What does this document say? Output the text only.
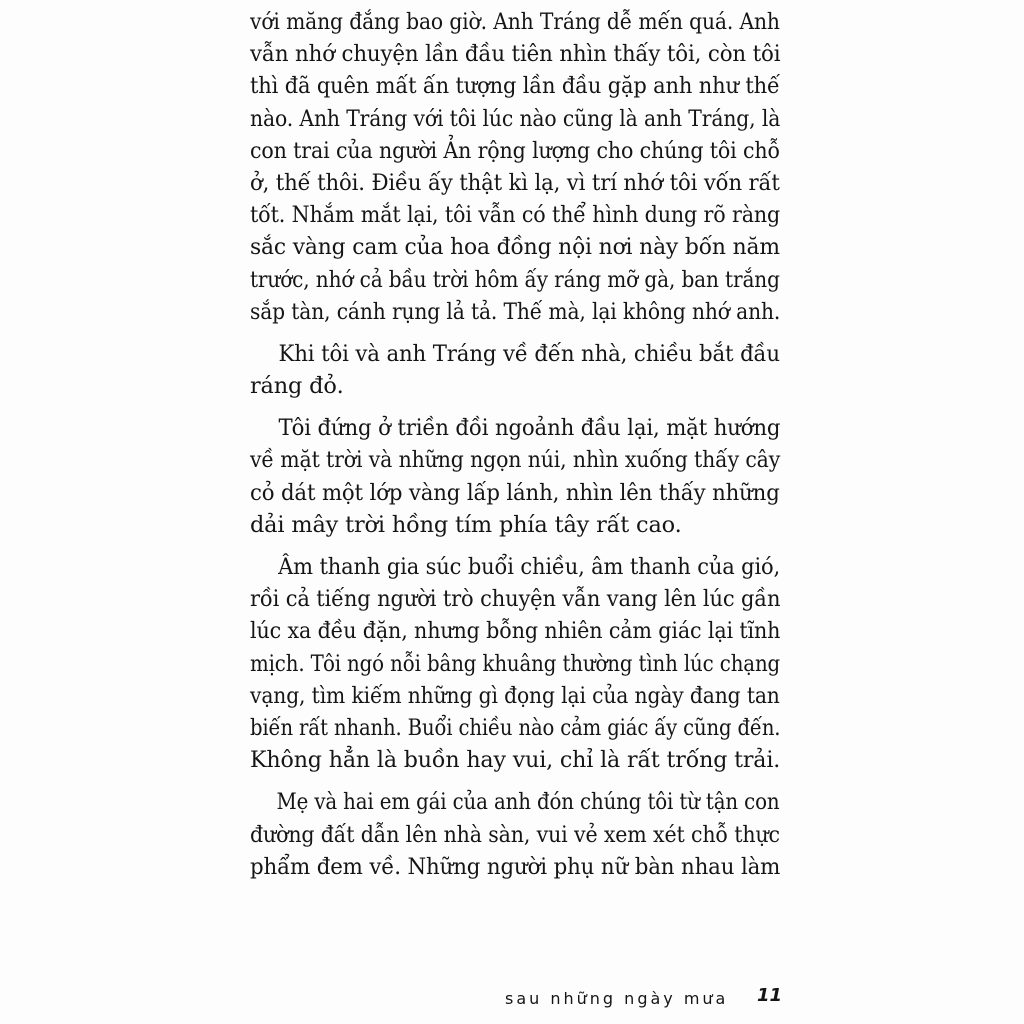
với măng đắng bao giờ. Anh Tráng dễ mến quá. Anh
vẫn nhớ chuyện lần đầu tiên nhìn thấy tôi, còn tôi
thì đã quên mất ấn tượng lần đầu gặp anh như thế
nào. Anh Tráng với tôi lúc nào cũng là anh Tráng, là
con trai của người Ản rộng lượng cho chúng tôi chỗ
ở, thế thôi. Điều ấy thật kì lạ, vì trí nhớ tôi vốn rất
tốt. Nhắm mắt lại, tôi vẫn có thể hình dung rõ ràng
sắc vàng cam của hoa đồng nội nơi này bốn năm
trước, nhớ cả bầu trời hôm ấy ráng mỡ gà, ban trắng
sắp tàn, cánh rụng lả tả. Thế mà, lại không nhớ anh.

Khi tôi và anh Tráng về đến nhà, chiều bắt đầu
ráng đỏ.

Tôi đứng ở triền đồi ngoảnh đầu lại, mặt hướng
về mặt trời và những ngọn núi, nhìn xuống thấy cây
cỏ dát một lớp vàng lấp lánh, nhìn lên thấy những
dải mây trời hồng tím phía tây rất cao.

Âm thanh gia súc buổi chiều, âm thanh của gió,
rồi cả tiếng người trò chuyện vẫn vang lên lúc gần
lúc xa đều đặn, nhưng bỗng nhiên cảm giác lại tĩnh
mịch. Tôi ngó nỗi bâng khuâng thường tình lúc chạng
vạng, tìm kiếm những gì đọng lại của ngày đang tan
biến rất nhanh. Buổi chiều nào cảm giác ấy cũng đến.
Không hẳn là buồn hay vui, chỉ là rất trống trải.

Mẹ và hai em gái của anh đón chúng tôi từ tận con
đường đất dẫn lên nhà sàn, vui vẻ xem xét chỗ thực
phẩm đem về. Những người phụ nữ bàn nhau làm

sau những ngày mưa 11
